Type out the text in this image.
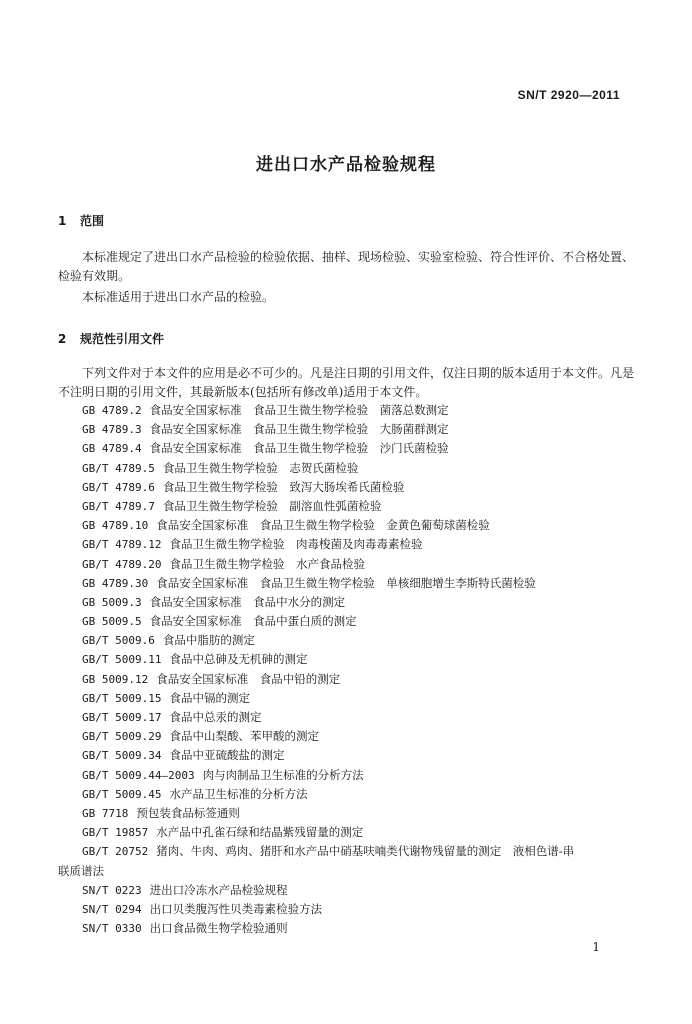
SN/T 2920—2011
进出口水产品检验规程
1 范围
本标准规定了进出口水产品检验的检验依据、抽样、现场检验、实验室检验、符合性评价、不合格处置、检验有效期。
本标准适用于进出口水产品的检验。
2 规范性引用文件
下列文件对于本文件的应用是必不可少的。凡是注日期的引用文件，仅注日期的版本适用于本文件。凡是不注明日期的引用文件，其最新版本(包括所有修改单)适用于本文件。
GB 4789.2 食品安全国家标准　食品卫生微生物学检验　菌落总数测定
GB 4789.3 食品安全国家标准　食品卫生微生物学检验　大肠菌群测定
GB 4789.4 食品安全国家标准　食品卫生微生物学检验　沙门氏菌检验
GB/T 4789.5 食品卫生微生物学检验　志贺氏菌检验
GB/T 4789.6 食品卫生微生物学检验　致泻大肠埃希氏菌检验
GB/T 4789.7 食品卫生微生物学检验　副溶血性弧菌检验
GB 4789.10 食品安全国家标准　食品卫生微生物学检验　金黄色葡萄球菌检验
GB/T 4789.12 食品卫生微生物学检验　肉毒梭菌及肉毒毒素检验
GB/T 4789.20 食品卫生微生物学检验　水产食品检验
GB 4789.30 食品安全国家标准　食品卫生微生物学检验　单核细胞增生李斯特氏菌检验
GB 5009.3 食品安全国家标准　食品中水分的测定
GB 5009.5 食品安全国家标准　食品中蛋白质的测定
GB/T 5009.6 食品中脂肪的测定
GB/T 5009.11 食品中总砷及无机砷的测定
GB 5009.12 食品安全国家标准　食品中铅的测定
GB/T 5009.15 食品中镉的测定
GB/T 5009.17 食品中总汞的测定
GB/T 5009.29 食品中山梨酸、苯甲酸的测定
GB/T 5009.34 食品中亚硫酸盐的测定
GB/T 5009.44—2003 肉与肉制品卫生标准的分析方法
GB/T 5009.45 水产品卫生标准的分析方法
GB 7718 预包装食品标签通则
GB/T 19857 水产品中孔雀石绿和结晶紫残留量的测定
GB/T 20752 猪肉、牛肉、鸡肉、猪肝和水产品中硝基呋喃类代谢物残留量的测定　液相色谱-串
联质谱法
SN/T 0223 进出口冷冻水产品检验规程
SN/T 0294 出口贝类腹泻性贝类毒素检验方法
SN/T 0330 出口食品微生物学检验通则
1
